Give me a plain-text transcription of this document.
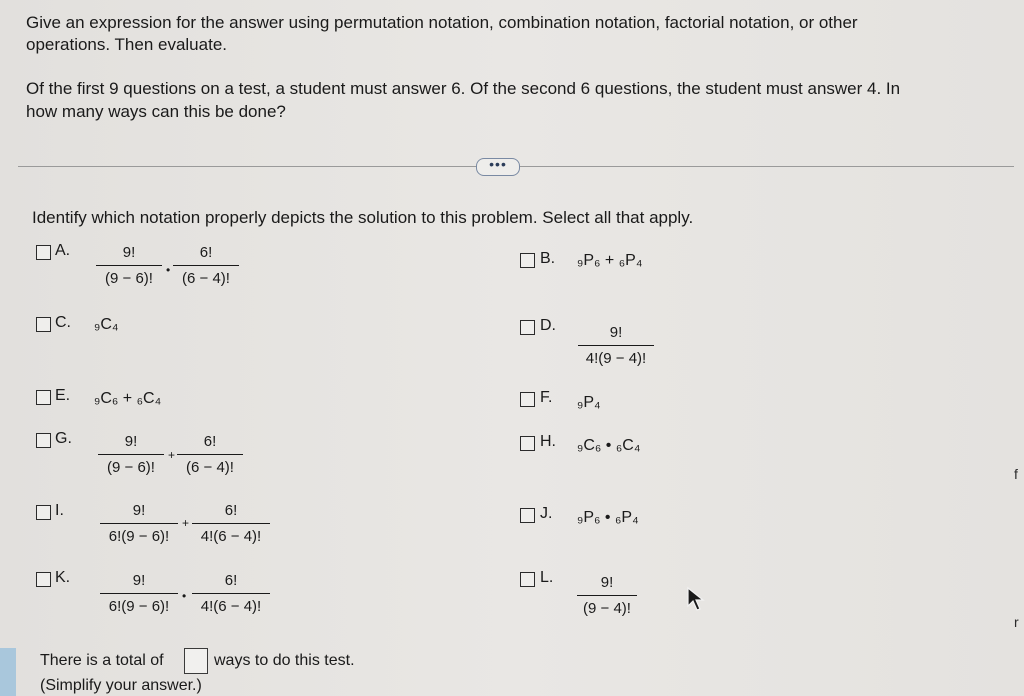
Give an expression for the answer using permutation notation, combination notation, factorial notation, or other
operations. Then evaluate.
Of the first 9 questions on a test, a student must answer 6. Of the second 6 questions, the student must answer 4. In
how many ways can this be done?
•••
Identify which notation properly depicts the solution to this problem. Select all that apply.
A.	9!
(9 − 6)!	•
6!
(6 − 4)!
B. ₉P₆ + ₆P₄
C. ₉C₄	D.	9!
4!(9 − 4)!
E. ₉C₆ + ₆C₄	F. ₉P₄
G.	9!
(9 − 6)!
+
6!
(6 − 4)!
H. ₉C₆ • ₆C₄
I.	9!
6!(9 − 6)!
+
6!
4!(6 − 4)!
J. ₉P₆ • ₆P₄
K.	9!
6!(9 − 6)!
•
6!
4!(6 − 4)!
L.	9!
(9 − 4)!
There is a total of	ways to do this test.
(Simplify your answer.)
f
r
